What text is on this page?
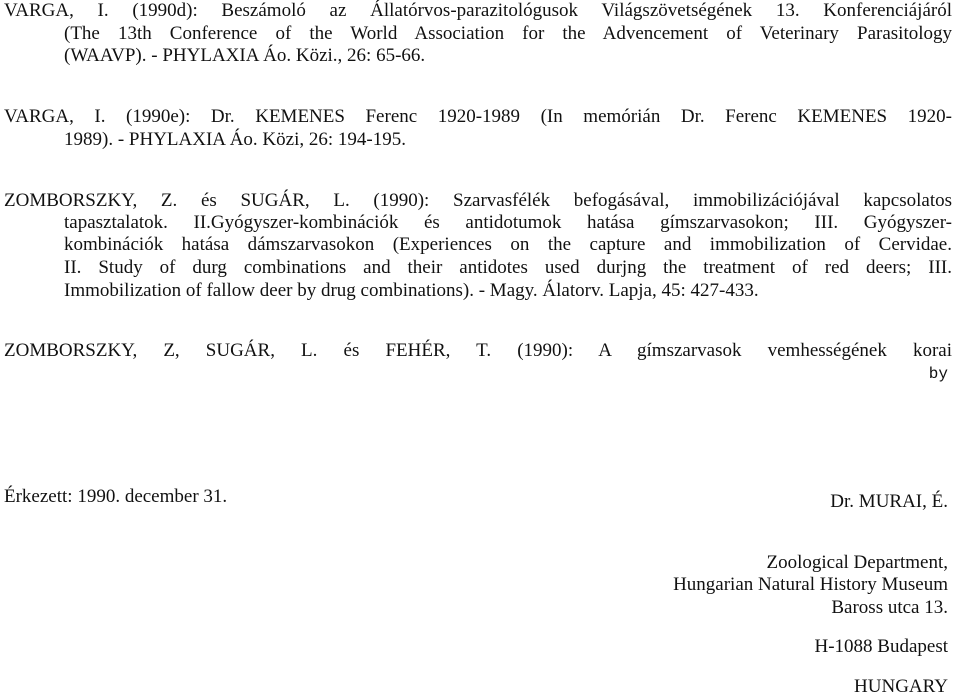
VARGA, I. (1990d): Beszámoló az Állatórvos-parazitológusok Világszövetségének 13. Konferenciájáról
(The 13th Conference of the World Association for the Advencement of Veterinary Parasitology
(WAAVP). - PHYLAXIA Áo. Közi., 26: 65-66.
VARGA, I. (1990e): Dr. KEMENES Ferenc 1920-1989 (In memórián Dr. Ferenc KEMENES 1920-
1989). - PHYLAXIA Áo. Közi, 26: 194-195.
ZOMBORSZKY, Z. és SUGÁR, L. (1990): Szarvasfélék befogásával, immobilizációjával kapcsolatos
tapasztalatok. II.Gyógyszer-kombinációk és antidotumok hatása gímszarvasokon; III. Gyógyszer-
kombinációk hatása dámszarvasokon (Experiences on the capture and immobilization of Cervidae.
II. Study of durg combinations and their antidotes used durjng the treatment of red deers; III.
Immobilization of fallow deer by drug combinations). - Magy. Álatorv. Lapja, 45: 427-433.
ZOMBORSZKY, Z, SUGÁR, L. és FEHÉR, T. (1990): A gímszarvasok vemhességének korai
by
Érkezett: 1990. december 31.	Dr. MURAI, É.
Zoological Department,
Hungarian Natural History Museum
Baross utca 13.
H-1088 Budapest
HUNGARY
